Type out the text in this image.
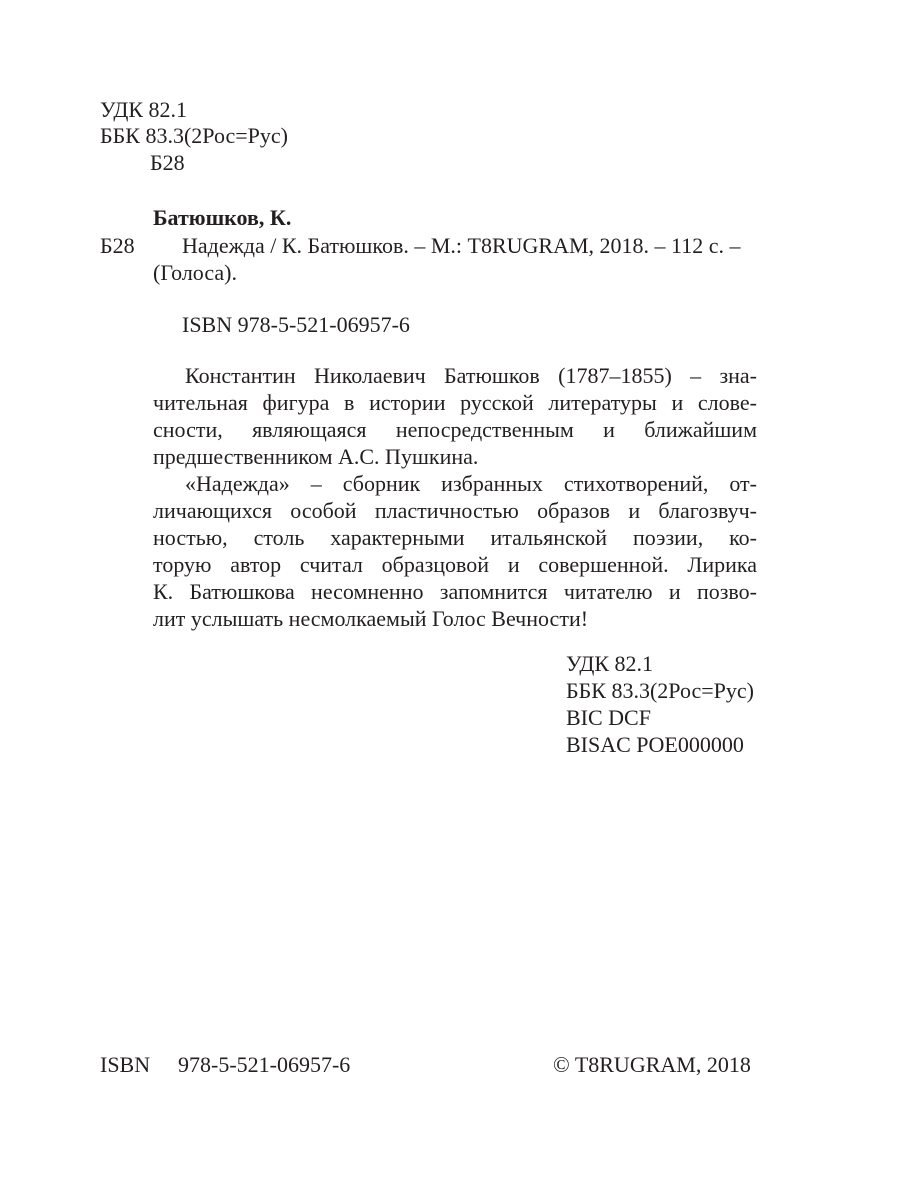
УДК 82.1
ББК 83.3(2Рос=Рус)
Б28
Батюшков, К.
Б28 Надежда / К. Батюшков. – М.: T8RUGRAM, 2018. – 112 с. –
(Голоса).
ISBN 978-5-521-06957-6
Константин Николаевич Батюшков (1787–1855) – зна-
чительная фигура в истории русской литературы и слове-
сности, являющаяся непосредственным и ближайшим
предшественником А.С. Пушкина.
«Надежда» – сборник избранных стихотворений, от-
личающихся особой пластичностью образов и благозвуч-
ностью, столь характерными итальянской поэзии, ко-
торую автор считал образцовой и совершенной. Лирика
К. Батюшкова несомненно запомнится читателю и позво-
лит услышать несмолкаемый Голос Вечности!
УДК 82.1
ББК 83.3(2Рос=Рус)
BIC DCF
BISAC POE000000
ISBN 978-5-521-06957-6	© T8RUGRAM, 2018
